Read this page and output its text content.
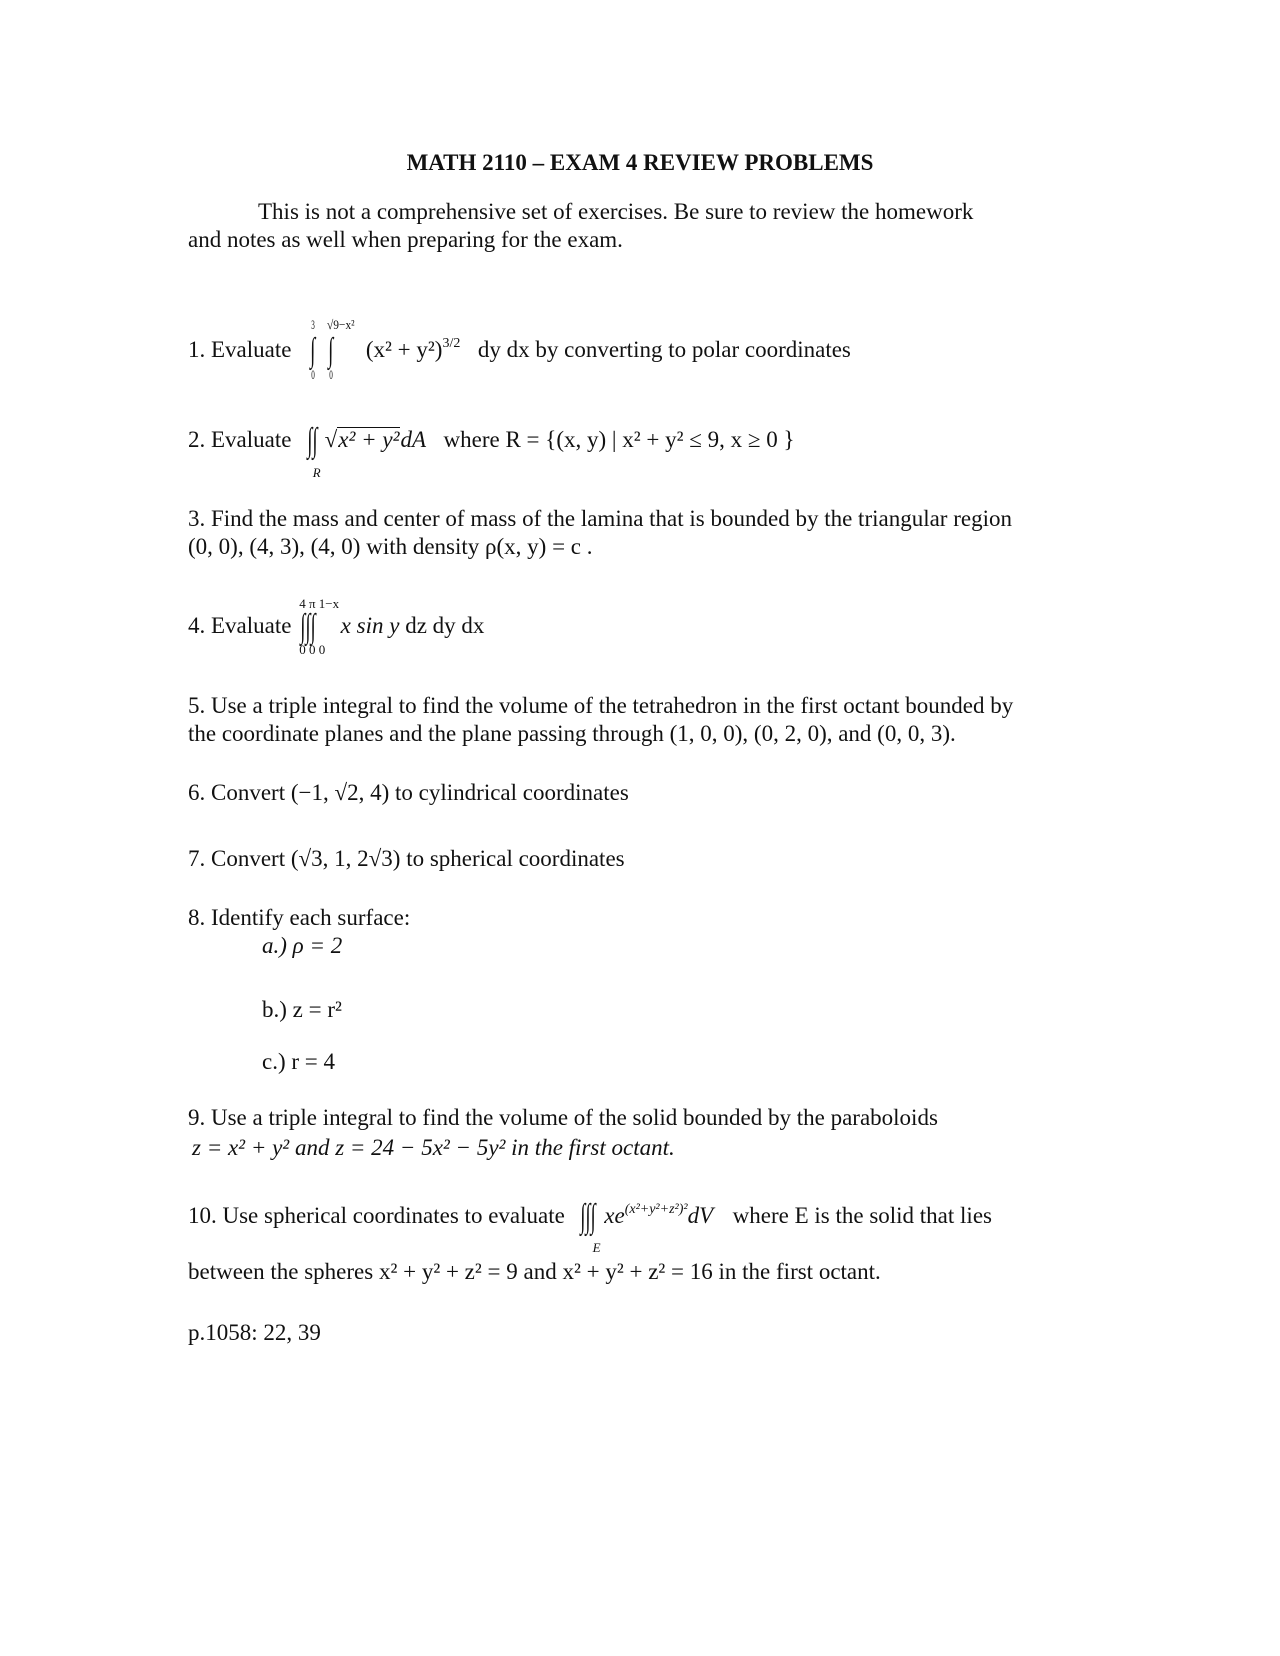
MATH 2110 – EXAM 4 REVIEW PROBLEMS
This is not a comprehensive set of exercises. Be sure to review the homework
and notes as well when preparing for the exam.
1. Evaluate ∫
3
0
∫
√9−x²
0
$(x^2 + y^2)^{3/2}$ dy dx by converting to polar coordinates
2. Evaluate ∫∫
R
√x² + y²dA where R = {(x, y) | x² + y² ≤ 9, x ≥ 0 }
3. Find the mass and center of mass of the lamina that is bounded by the triangular region
(0, 0), (4, 3), (4, 0) with density ρ(x, y) = c .
4. Evaluate ∫∫∫
4 π 1−x
0 0 0
x sin y dz dy dx
5. Use a triple integral to find the volume of the tetrahedron in the first octant bounded by
the coordinate planes and the plane passing through (1, 0, 0), (0, 2, 0), and (0, 0, 3).
6. Convert (−1, √2, 4) to cylindrical coordinates
7. Convert (√3, 1, 2√3) to spherical coordinates
8. Identify each surface:
a.) ρ = 2
b.) z = r²
c.) r = 4
9. Use a triple integral to find the volume of the solid bounded by the paraboloids
z = x² + y² and z = 24 − 5x² − 5y² in the first octant.
10. Use spherical coordinates to evaluate ∫∫∫
E
$xe^{(x^2+y^2+z^2)^2}dV$ where E is the solid that lies
between the spheres x² + y² + z² = 9 and x² + y² + z² = 16 in the first octant.
p.1058: 22, 39
